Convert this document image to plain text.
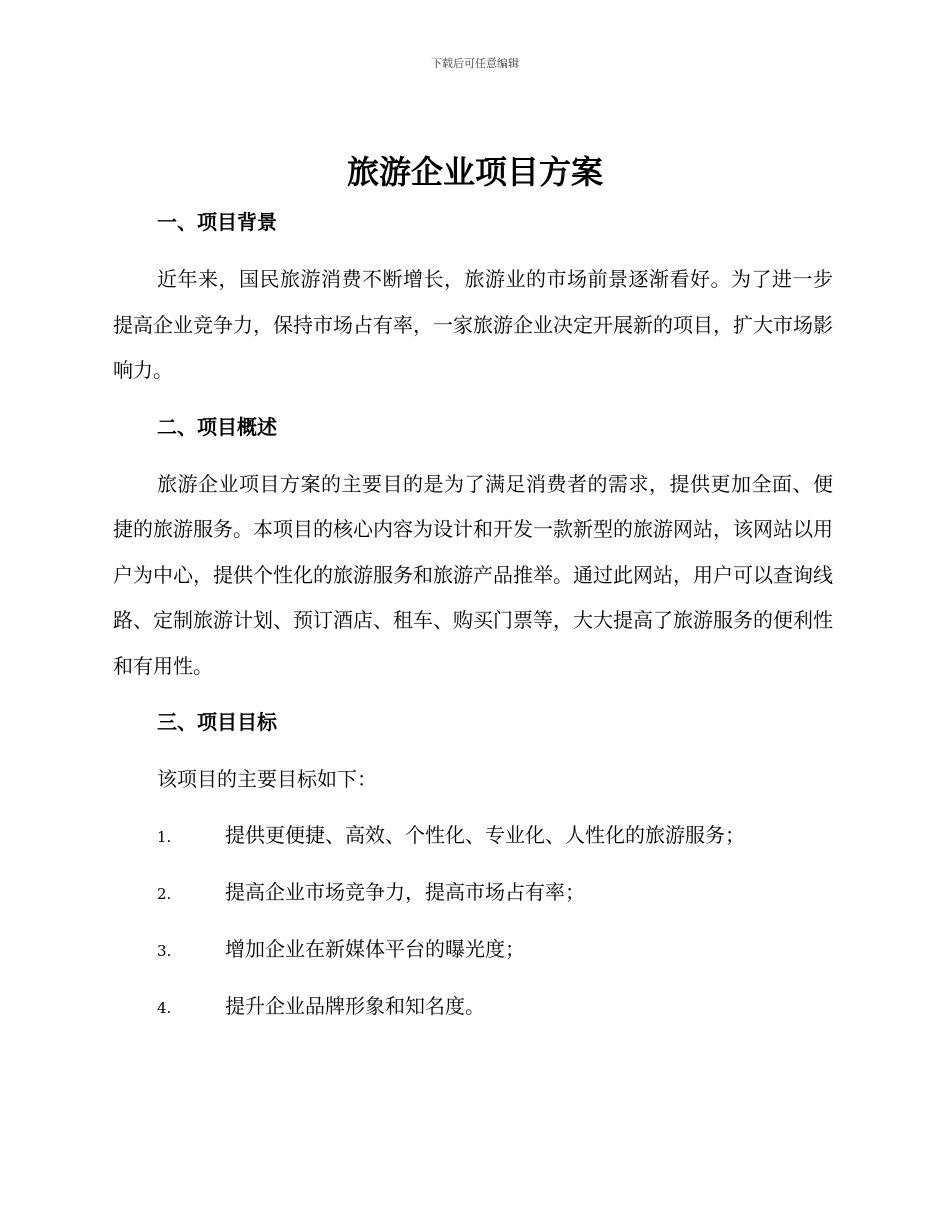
下载后可任意编辑
旅游企业项目方案
一、项目背景

近年来，国民旅游消费不断增长，旅游业的市场前景逐渐看好。为了进一步提高企业竞争力，保持市场占有率，一家旅游企业决定开展新的项目，扩大市场影响力。

二、项目概述

旅游企业项目方案的主要目的是为了满足消费者的需求，提供更加全面、便捷的旅游服务。本项目的核心内容为设计和开发一款新型的旅游网站，该网站以用户为中心，提供个性化的旅游服务和旅游产品推举。通过此网站，用户可以查询线路、定制旅游计划、预订酒店、租车、购买门票等，大大提高了旅游服务的便利性和有用性。

三、项目目标

该项目的主要目标如下：

1.	提供更便捷、高效、个性化、专业化、人性化的旅游服务；
2.	提高企业市场竞争力，提高市场占有率；
3.	增加企业在新媒体平台的曝光度；
4.	提升企业品牌形象和知名度。
